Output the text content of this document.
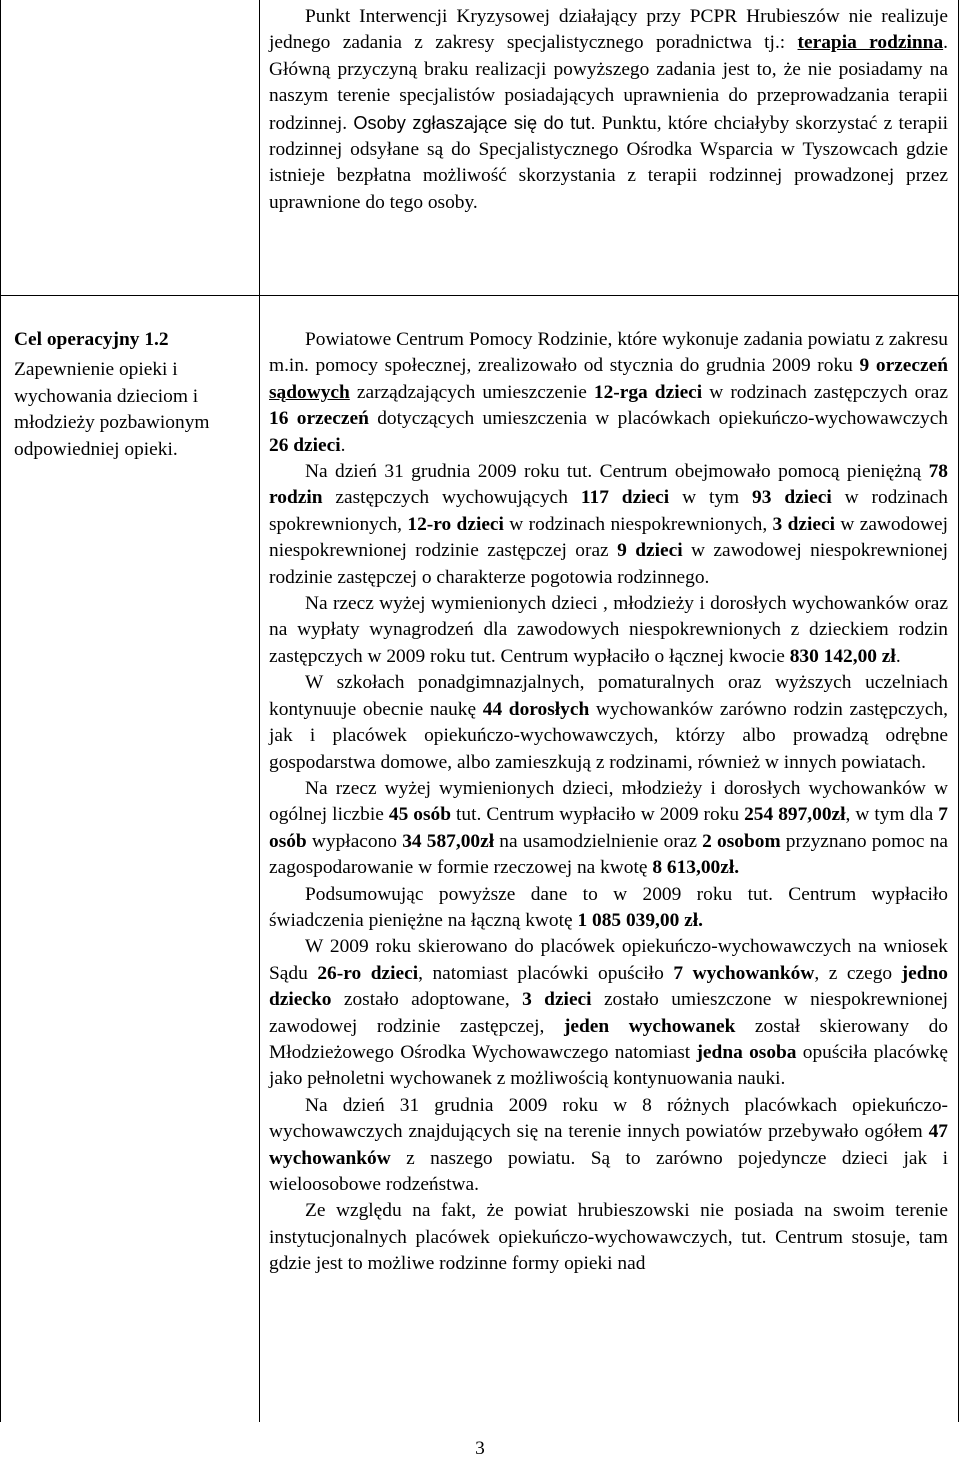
Punkt Interwencji Kryzysowej działający przy PCPR Hrubieszów nie realizuje jednego zadania z zakresy specjalistycznego poradnictwa tj.: terapia rodzinna. Główną przyczyną braku realizacji powyższego zadania jest to, że nie posiadamy na naszym terenie specjalistów posiadających uprawnienia do przeprowadzania terapii rodzinnej. Osoby zgłaszające się do tut. Punktu, które chciałyby skorzystać z terapii rodzinnej odsyłane są do Specjalistycznego Ośrodka Wsparcia w Tyszowcach gdzie istnieje bezpłatna możliwość skorzystania z terapii rodzinnej prowadzonej przez uprawnione do tego osoby.

Cel operacyjny 1.2
Zapewnienie opieki i wychowania dzieciom i młodzieży pozbawionym odpowiedniej opieki.

Powiatowe Centrum Pomocy Rodzinie, które wykonuje zadania powiatu z zakresu m.in. pomocy społecznej, zrealizowało od stycznia do grudnia 2009 roku 9 orzeczeń sądowych zarządzających umieszczenie 12-rga dzieci w rodzinach zastępczych oraz 16 orzeczeń dotyczących umieszczenia w placówkach opiekuńczo-wychowawczych 26 dzieci.

Na dzień 31 grudnia 2009 roku tut. Centrum obejmowało pomocą pieniężną 78 rodzin zastępczych wychowujących 117 dzieci w tym 93 dzieci w rodzinach spokrewnionych, 12-ro dzieci w rodzinach niespokrewnionych, 3 dzieci w zawodowej niespokrewnionej rodzinie zastępczej oraz 9 dzieci w zawodowej niespokrewnionej rodzinie zastępczej o charakterze pogotowia rodzinnego.

Na rzecz wyżej wymienionych dzieci , młodzieży i dorosłych wychowanków oraz na wypłaty wynagrodzeń dla zawodowych niespokrewnionych z dzieckiem rodzin zastępczych w 2009 roku tut. Centrum wypłaciło o łącznej kwocie 830 142,00 zł.

W szkołach ponadgimnazjalnych, pomaturalnych oraz wyższych uczelniach kontynuuje obecnie naukę 44 dorosłych wychowanków zarówno rodzin zastępczych, jak i placówek opiekuńczo-wychowawczych, którzy albo prowadzą odrębne gospodarstwa domowe, albo zamieszkują z rodzinami, również w innych powiatach.

Na rzecz wyżej wymienionych dzieci, młodzieży i dorosłych wychowanków w ogólnej liczbie 45 osób tut. Centrum wypłaciło w 2009 roku 254 897,00zł, w tym dla 7 osób wypłacono 34 587,00zł na usamodzielnienie oraz 2 osobom przyznano pomoc na zagospodarowanie w formie rzeczowej na kwotę 8 613,00zł.

Podsumowując powyższe dane to w 2009 roku tut. Centrum wypłaciło świadczenia pieniężne na łączną kwotę 1 085 039,00 zł.

W 2009 roku skierowano do placówek opiekuńczo-wychowawczych na wniosek Sądu 26-ro dzieci, natomiast placówki opuściło 7 wychowanków, z czego jedno dziecko zostało adoptowane, 3 dzieci zostało umieszczone w niespokrewnionej zawodowej rodzinie zastępczej, jeden wychowanek został skierowany do Młodzieżowego Ośrodka Wychowawczego natomiast jedna osoba opuściła placówkę jako pełnoletni wychowanek z możliwością kontynuowania nauki.

Na dzień 31 grudnia 2009 roku w 8 różnych placówkach opiekuńczo-wychowawczych znajdujących się na terenie innych powiatów przebywało ogółem 47 wychowanków z naszego powiatu. Są to zarówno pojedyncze dzieci jak i wieloosobowe rodzeństwa.

Ze względu na fakt, że powiat hrubieszowski nie posiada na swoim terenie instytucjonalnych placówek opiekuńczo-wychowawczych, tut. Centrum stosuje, tam gdzie jest to możliwe rodzinne formy opieki nad

3
